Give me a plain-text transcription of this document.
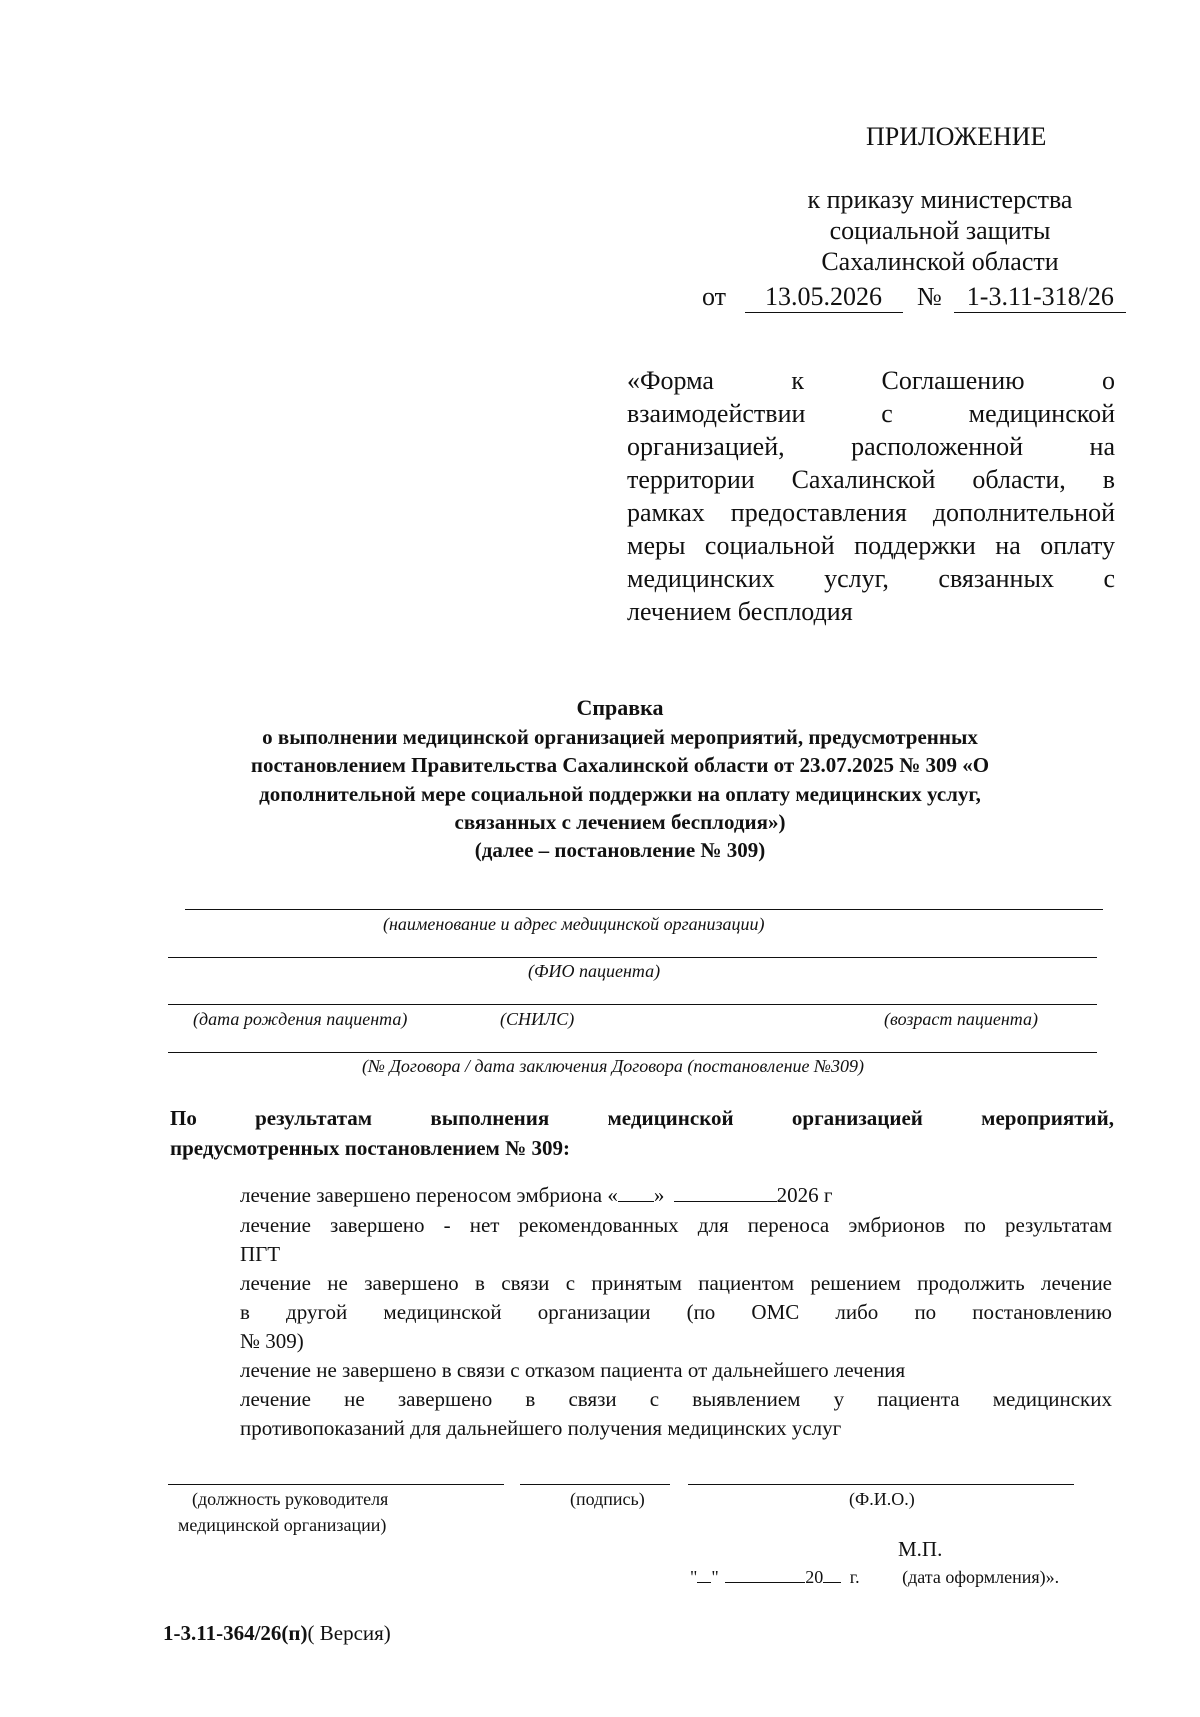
ПРИЛОЖЕНИЕ
к приказу министерства
социальной защиты
Сахалинской области
от 13.05.2026 № 1-3.11-318/26
«Форма к Соглашению о
взаимодействии с медицинской
организацией, расположенной на
территории Сахалинской области, в
рамках предоставления дополнительной
меры социальной поддержки на оплату
медицинских услуг, связанных с
лечением бесплодия
Справка
о выполнении медицинской организацией мероприятий, предусмотренных
постановлением Правительства Сахалинской области от 23.07.2025 № 309 «О
дополнительной мере социальной поддержки на оплату медицинских услуг,
связанных с лечением бесплодия»)
(далее – постановление № 309)
(наименование и адрес медицинской организации)
(ФИО пациента)
(дата рождения пациента)	(СНИЛС)	(возраст пациента)
(№ Договора / дата заключения Договора (постановление №309)
По результатам выполнения медицинской организацией мероприятий,
предусмотренных постановлением № 309:
лечение завершено переносом эмбриона « »	2026 г
лечение завершено - нет рекомендованных для переноса эмбрионов по результатам
ПГТ
лечение не завершено в связи с принятым пациентом решением продолжить лечение
в другой медицинской организации (по ОМС либо по постановлению
№ 309)
лечение не завершено в связи с отказом пациента от дальнейшего лечения
лечение не завершено в связи с выявлением у пациента медицинских
противопоказаний для дальнейшего получения медицинских услуг
(должность руководителя
медицинской организации)
(подпись)	(Ф.И.О.)
М.П.
" "	20 г. (дата оформления)».
1-3.11-364/26(п)( Версия)
